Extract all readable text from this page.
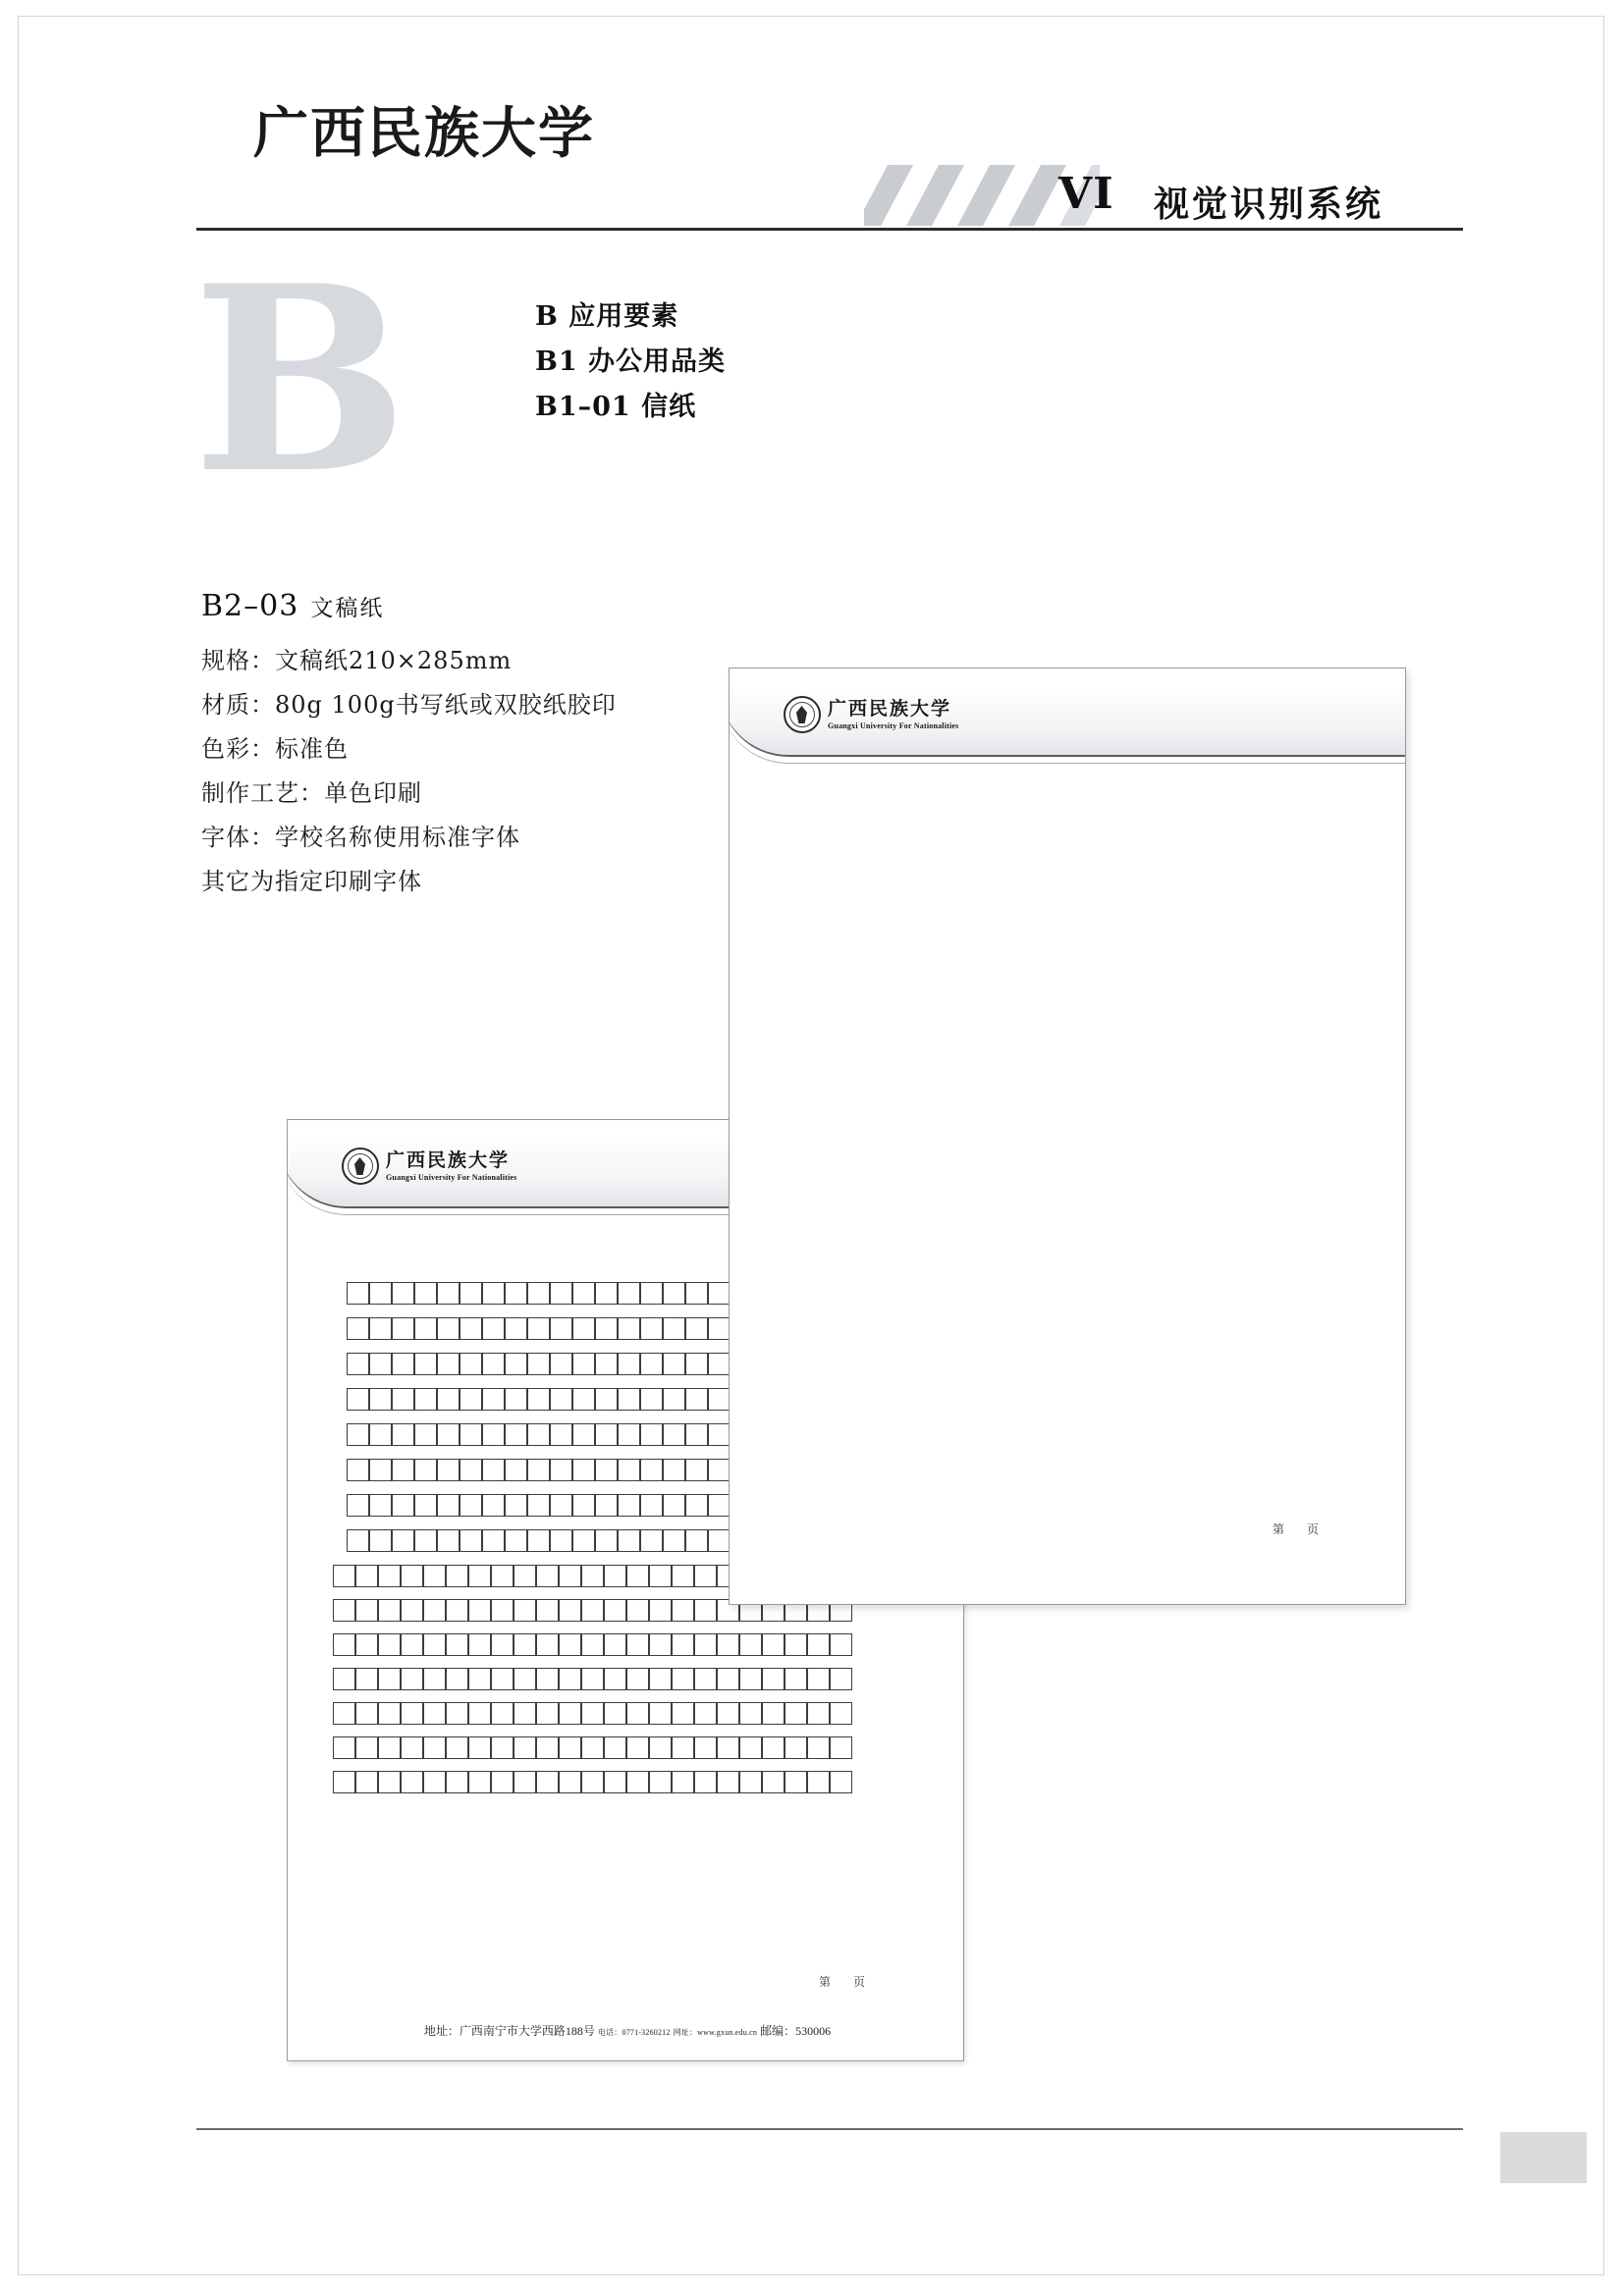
广西民族大学
VI 视觉识别系统
B	B 应用要素
B1 办公用品类
B1–01 信纸
B2–03 文稿纸
规格：文稿纸210×285mm
材质：80g 100g书写纸或双胶纸胶印
色彩：标准色
制作工艺：单色印刷
字体：学校名称使用标准字体
其它为指定印刷字体
广西民族大学
Guangxi University For Nationalities
第 页
地址：广西南宁市大学西路188号 电话：0771-3260212 网址：www.gxun.edu.cn 邮编：530006
广西民族大学
Guangxi University For Nationalities
第 页
